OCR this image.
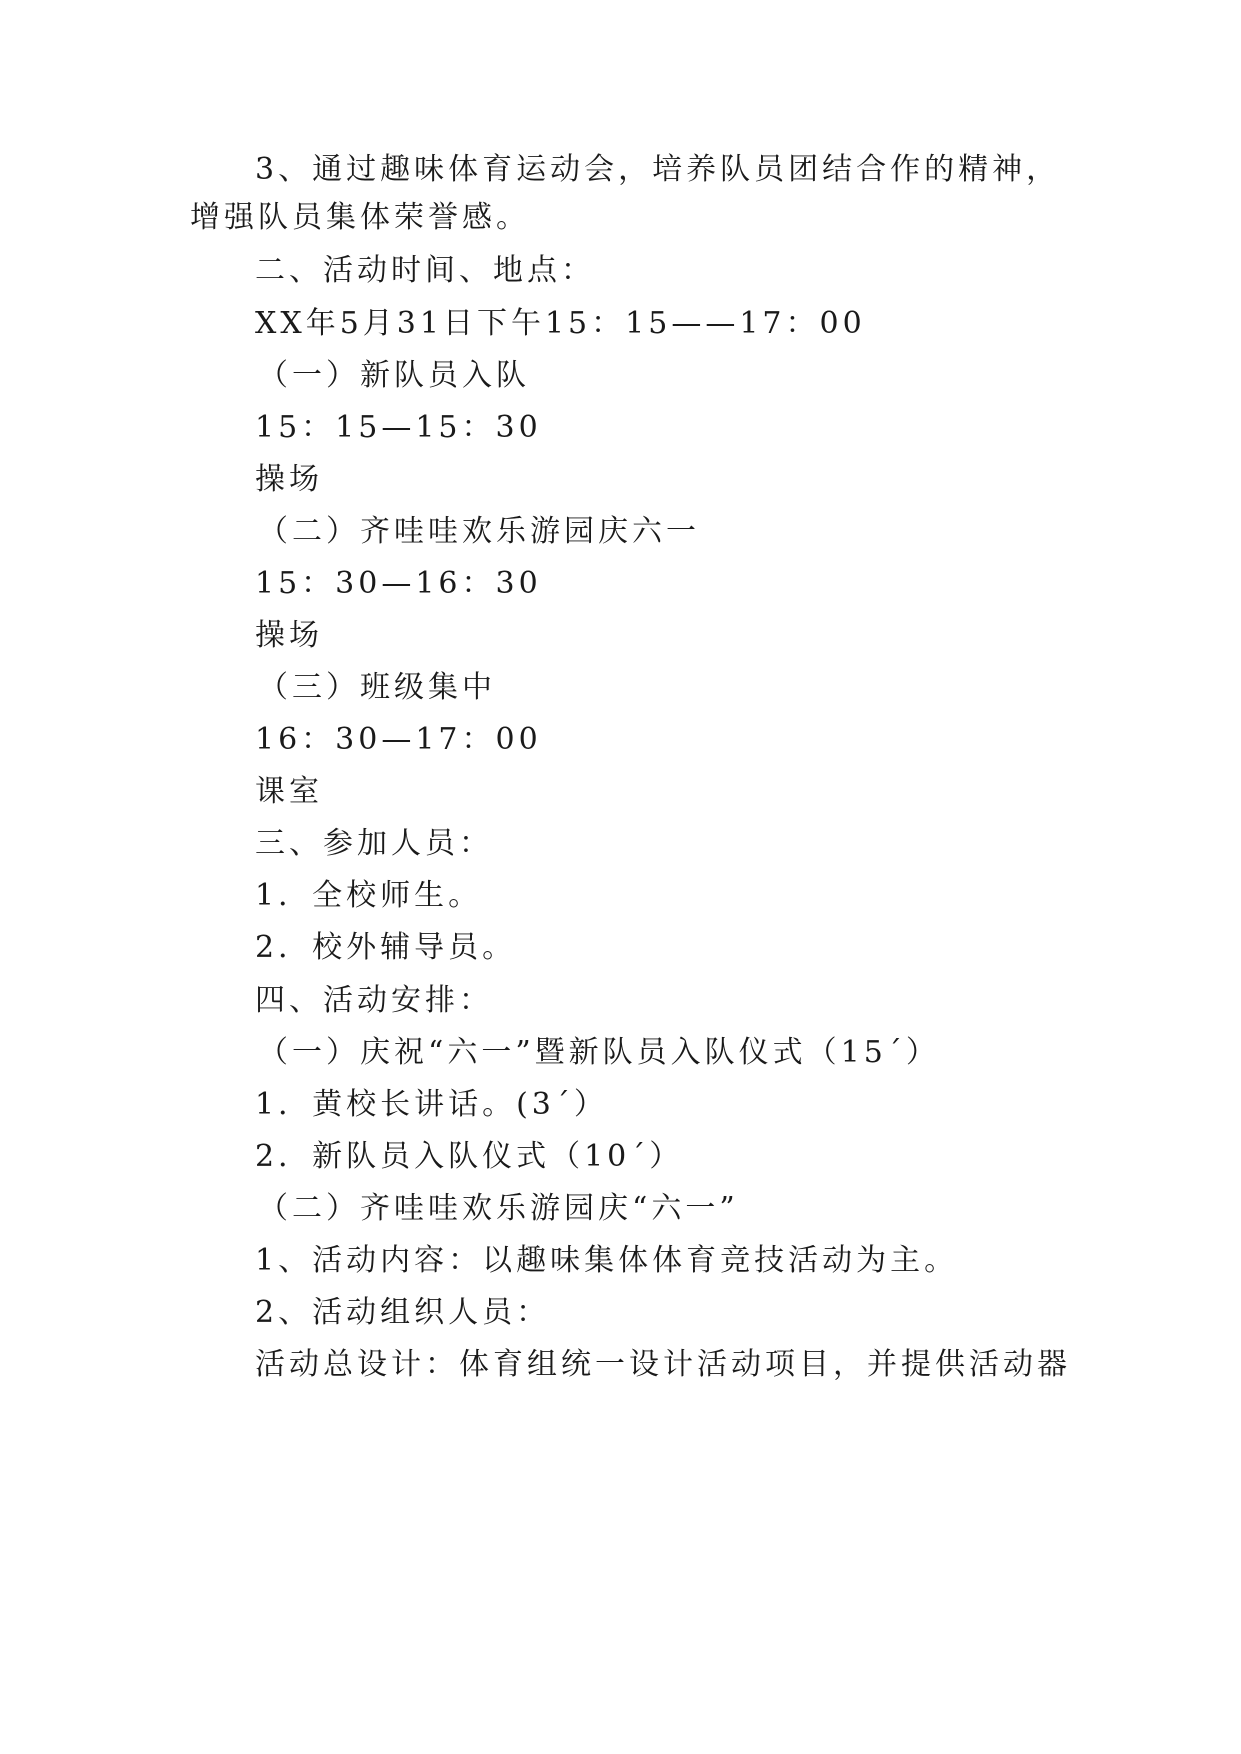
3、通过趣味体育运动会，培养队员团结合作的精神，
增强队员集体荣誉感。
二、活动时间、地点：
XX年5月31日下午15：15——17：00
（一）新队员入队
15：15—15：30
操场
（二）齐哇哇欢乐游园庆六一
15：30—16：30
操场
（三）班级集中
16：30—17：00
课室
三、参加人员：
1．全校师生。
2．校外辅导员。
四、活动安排：
（一）庆祝“六一”暨新队员入队仪式（15´）
1．黄校长讲话。(3´）
2．新队员入队仪式（10´）
（二）齐哇哇欢乐游园庆“六一”
1、活动内容：以趣味集体体育竞技活动为主。
2、活动组织人员：
活动总设计：体育组统一设计活动项目，并提供活动器
